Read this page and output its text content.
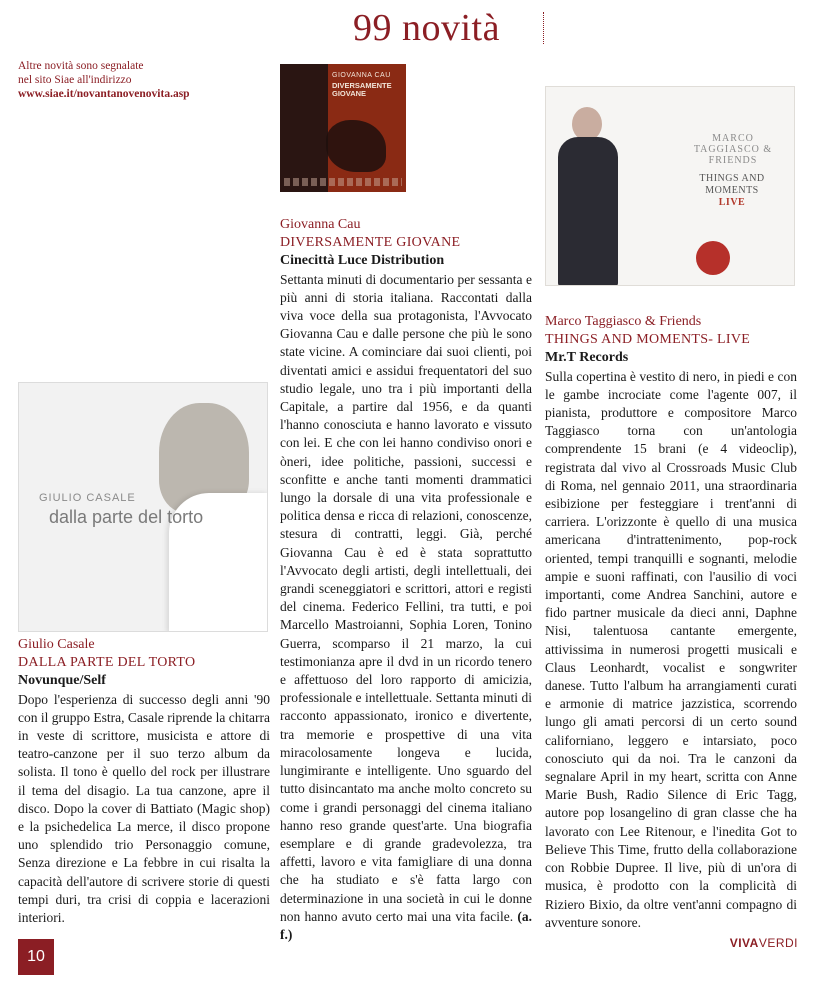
99 novità
Altre novità sono segnalate
nel sito Siae all'indirizzo
www.siae.it/novantanovenovita.asp
GIOVANNA CAU
DIVERSAMENTE GIOVANE
MARCO TAGGIASCO & FRIENDS
THINGS AND MOMENTS
LIVE
GIULIO CASALE
dalla parte del torto
Giulio Casale
DALLA PARTE DEL TORTO
Novunque/Self
Dopo l'esperienza di successo degli anni '90 con il gruppo Estra, Casale riprende la chitarra in veste di scrittore, musicista e attore di teatro-canzone per il suo terzo album da solista. Il tono è quello del rock per illustrare il tema del disagio. La tua canzone, apre il disco. Dopo la cover di Battiato (Magic shop) e la psichedelica La merce, il disco propone uno splendido trio Personaggio comune, Senza direzione e La febbre in cui risalta la capacità dell'autore di scrivere storie di questi tempi duri, tra crisi di coppia e lacerazioni interiori.
Giovanna Cau
DIVERSAMENTE GIOVANE
Cinecittà Luce Distribution
Settanta minuti di documentario per sessanta e più anni di storia italiana. Raccontati dalla viva voce della sua protagonista, l'Avvocato Giovanna Cau e dalle persone che più le sono state vicine. A cominciare dai suoi clienti, poi diventati amici e assidui frequentatori del suo studio legale, uno tra i più importanti della Capitale, a partire dal 1956, e da quanti l'hanno conosciuta e hanno lavorato e vissuto con lei. E che con lei hanno condiviso onori e òneri, idee politiche, passioni, successi e sconfitte e anche tanti momenti drammatici lungo la dorsale di una vita professionale e politica densa e ricca di relazioni, conoscenze, stesura di contratti, leggi. Già, perché Giovanna Cau è ed è stata soprattutto l'Avvocato degli artisti, degli intellettuali, dei grandi sceneggiatori e scrittori, attori e registi del cinema. Federico Fellini, tra tutti, e poi Marcello Mastroianni, Sophia Loren, Tonino Guerra, scomparso il 21 marzo, la cui testimonianza apre il dvd in un ricordo tenero e affettuoso del loro rapporto di amicizia, professionale e intellettuale. Settanta minuti di racconto appassionato, ironico e divertente, tra memorie e prospettive di una vita miracolosamente longeva e lucida, lungimirante e intelligente. Uno sguardo del tutto disincantato ma anche molto concreto su come i grandi personaggi del cinema italiano hanno reso grande quest'arte. Una biografia esemplare e di grande gradevolezza, tra affetti, lavoro e vita famigliare di una donna che ha studiato e s'è fatta largo con determinazione in una società in cui le donne non hanno avuto certo mai una vita facile. (a. f.)
Marco Taggiasco & Friends
THINGS AND MOMENTS- LIVE
Mr.T Records
Sulla copertina è vestito di nero, in piedi e con le gambe incrociate come l'agente 007, il pianista, produttore e compositore Marco Taggiasco torna con un'antologia comprendente 15 brani (e 4 videoclip), registrata dal vivo al Crossroads Music Club di Roma, nel gennaio 2011, una straordinaria esibizione per festeggiare i trent'anni di carriera. L'orizzonte è quello di una musica americana d'intrattenimento, pop-rock oriented, tempi tranquilli e sognanti, melodie ampie e suoni raffinati, con l'ausilio di voci importanti, come Andrea Sanchini, autore e fido partner musicale da dieci anni, Daphne Nisi, talentuosa cantante emergente, attivissima in numerosi progetti musicali e Claus Leonhardt, vocalist e songwriter danese. Tutto l'album ha arrangiamenti curati e armonie di matrice jazzistica, scorrendo lungo gli amati percorsi di un certo sound californiano, leggero e intarsiato, poco conosciuto qui da noi. Tra le canzoni da segnalare April in my heart, scritta con Anne Marie Bush, Radio Silence di Eric Tagg, autore pop losangelino di gran classe che ha lavorato con Lee Ritenour, e l'inedita Got to Believe This Time, frutto della collaborazione con Robbie Dupree. Il live, più di un'ora di musica, è prodotto con la complicità di Riziero Bixio, da oltre vent'anni compagno di avventure sonore.
10
VIVAVERDI
